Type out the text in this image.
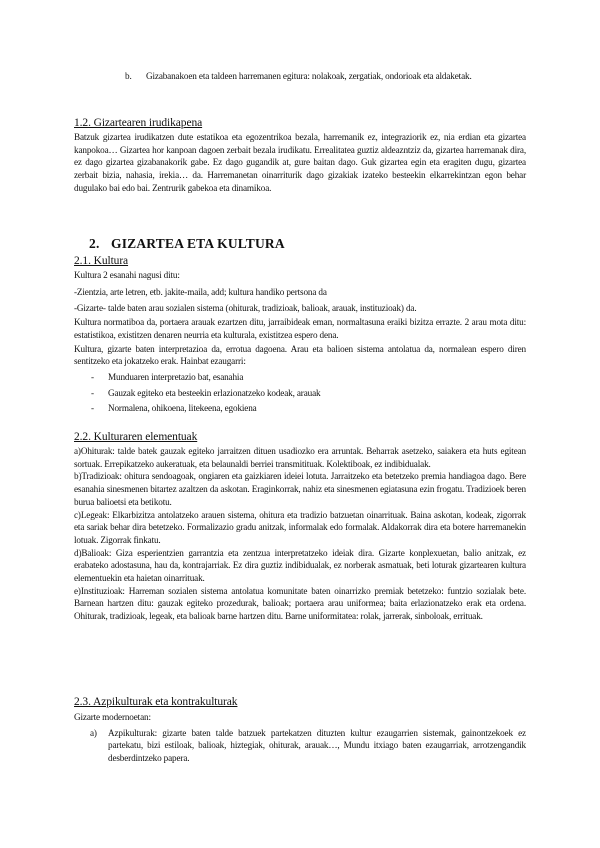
b.	Gizabanakoen eta taldeen harremanen egitura: nolakoak, zergatiak, ondorioak eta aldaketak.

1.2. Gizartearen irudikapena

Batzuk gizartea irudikatzen dute estatikoa eta egozentrikoa bezala, harremanik ez, integraziorik ez, nia erdian eta gizartea kanpokoa… Gizartea hor kanpoan dagoen zerbait bezala irudikatu. Errealitatea guztiz aldeazntziz da, gizartea harremanak dira, ez dago gizartea gizabanakorik gabe. Ez dago gugandik at, gure baitan dago. Guk gizartea egin eta eragiten dugu, gizartea zerbait bizia, nahasia, irekia… da. Harremanetan oinarriturik dago gizakiak izateko besteekin elkarrekintzan egon behar dugulako bai edo bai. Zentrurik gabekoa eta dinamikoa.

2. GIZARTEA ETA KULTURA

2.1. Kultura

Kultura 2 esanahi nagusi ditu:

-Zientzia, arte letren, etb. jakite-maila, add; kultura handiko pertsona da

-Gizarte- talde baten arau sozialen sistema (ohiturak, tradizioak, balioak, arauak, instituzioak) da.

Kultura normatiboa da, portaera arauak ezartzen ditu, jarraibideak eman, normaltasuna eraiki bizitza errazte. 2 arau mota ditu: estatistikoa, existitzen denaren neurria eta kulturala, existitzea espero dena.

Kultura, gizarte baten interpretazioa da, errotua dagoena. Arau eta balioen sistema antolatua da, normalean espero diren sentitzeko eta jokatzeko erak. Hainbat ezaugarri:

- Munduaren interpretazio bat, esanahia
- Gauzak egiteko eta besteekin erlazionatzeko kodeak, arauak
- Normalena, ohikoena, litekeena, egokiena

2.2. Kulturaren elementuak

a)Ohiturak: talde batek gauzak egiteko jarraitzen dituen usadiozko era arruntak. Beharrak asetzeko, saiakera eta huts egitean sortuak. Errepikatzeko aukeratuak, eta belaunaldi berriei transmitituak. Kolektiboak, ez indibidualak.

b)Tradizioak: ohitura sendoagoak, ongiaren eta gaizkiaren ideiei lotuta. Jarraitzeko eta betetzeko premia handiagoa dago. Bere esanahia sinesmenen bitartez azaltzen da askotan. Eraginkorrak, nahiz eta sinesmenen egiatasuna ezin frogatu. Tradizioek beren burua balioetsi eta betikotu.

c)Legeak: Elkarbizitza antolatzeko arauen sistema, ohitura eta tradizio batzuetan oinarrituak. Baina askotan, kodeak, zigorrak eta sariak behar dira betetzeko. Formalizazio gradu anitzak, informalak edo formalak. Aldakorrak dira eta botere harremanekin lotuak. Zigorrak finkatu.

d)Balioak: Giza esperientzien garrantzia eta zentzua interpretatzeko ideiak dira. Gizarte konplexuetan, balio anitzak, ez erabateko adostasuna, hau da, kontrajarriak. Ez dira guztiz indibidualak, ez norberak asmatuak, beti loturak gizartearen kultura elementuekin eta haietan oinarrituak.

e)Instituzioak: Harreman sozialen sistema antolatua komunitate baten oinarrizko premiak betetzeko: funtzio sozialak bete. Barnean hartzen ditu: gauzak egiteko prozedurak, balioak; portaera arau uniformea; baita erlazionatzeko erak eta ordena. Ohiturak, tradizioak, legeak, eta balioak barne hartzen ditu. Barne uniformitatea: rolak, jarrerak, sinboloak, errituak.

2.3. Azpikulturak eta kontrakulturak

Gizarte modernoetan:

a) Azpikulturak: gizarte baten talde batzuek partekatzen dituzten kultur ezaugarrien sistemak, gainontzekoek ez partekatu, bizi estiloak, balioak, hiztegiak, ohiturak, arauak…, Mundu itxiago baten ezaugarriak, arrotzengandik desberdintzeko papera.
